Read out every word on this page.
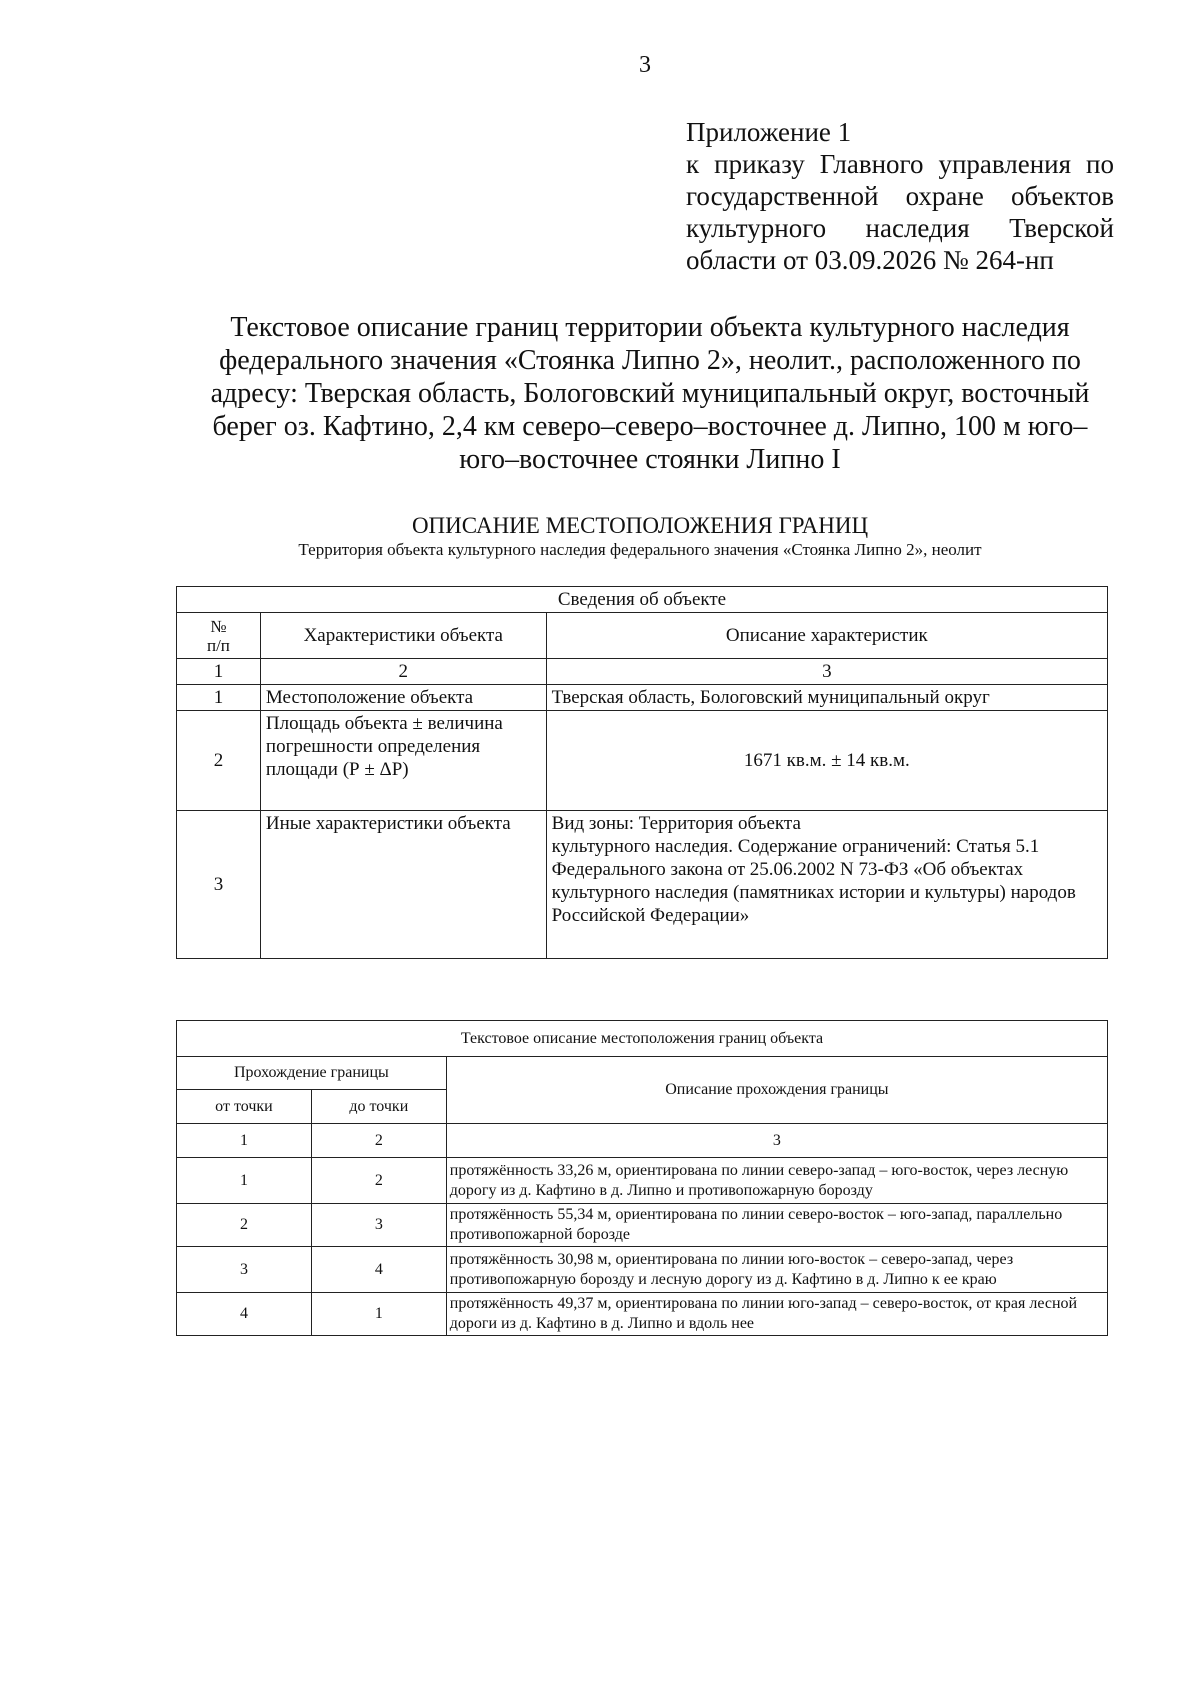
3
Приложение 1
к приказу Главного управления по
государственной охране объектов
культурного наследия Тверской
области от 03.09.2026 № 264-нп
Текстовое описание границ территории объекта культурного наследия
федерального значения «Стоянка Липно 2», неолит., расположенного по
адресу: Тверская область, Бологовский муниципальный округ, восточный
берег оз. Кафтино, 2,4 км северо–северо–восточнее д. Липно, 100 м юго–
юго–восточнее стоянки Липно I
ОПИСАНИЕ МЕСТОПОЛОЖЕНИЯ ГРАНИЦ
Территория объекта культурного наследия федерального значения «Стоянка Липно 2», неолит
Сведения об объекте		
№
п/п	Характеристики объекта	Описание характеристик
1	2	3
1	Местоположение объекта	Тверская область, Бологовский муниципальный округ
2	Площадь объекта ± величина погрешности определения площади (Р ± ΔР)	1671 кв.м. ± 14 кв.м.
3	Иные характеристики объекта	Вид зоны: Территория объекта
культурного наследия. Содержание ограничений: Статья 5.1 Федерального закона от 25.06.2002 N 73-ФЗ «Об объектах культурного наследия (памятниках истории и культуры) народов Российской Федерации»
Текстовое описание местоположения границ объекта		
Прохождение границы		Описание прохождения границы
от точки	до точки	
1	2	3
1	2	протяжённость 33,26 м, ориентирована по линии северо-запад – юго-восток, через лесную дорогу из д. Кафтино в д. Липно и противопожарную борозду
2	3	протяжённость 55,34 м, ориентирована по линии северо-восток – юго-запад, параллельно противопожарной борозде
3	4	протяжённость 30,98 м, ориентирована по линии юго-восток – северо-запад, через противопожарную борозду и лесную дорогу из д. Кафтино в д. Липно к ее краю
4	1	протяжённость 49,37 м, ориентирована по линии юго-запад – северо-восток, от края лесной дороги из д. Кафтино в д. Липно и вдоль нее
